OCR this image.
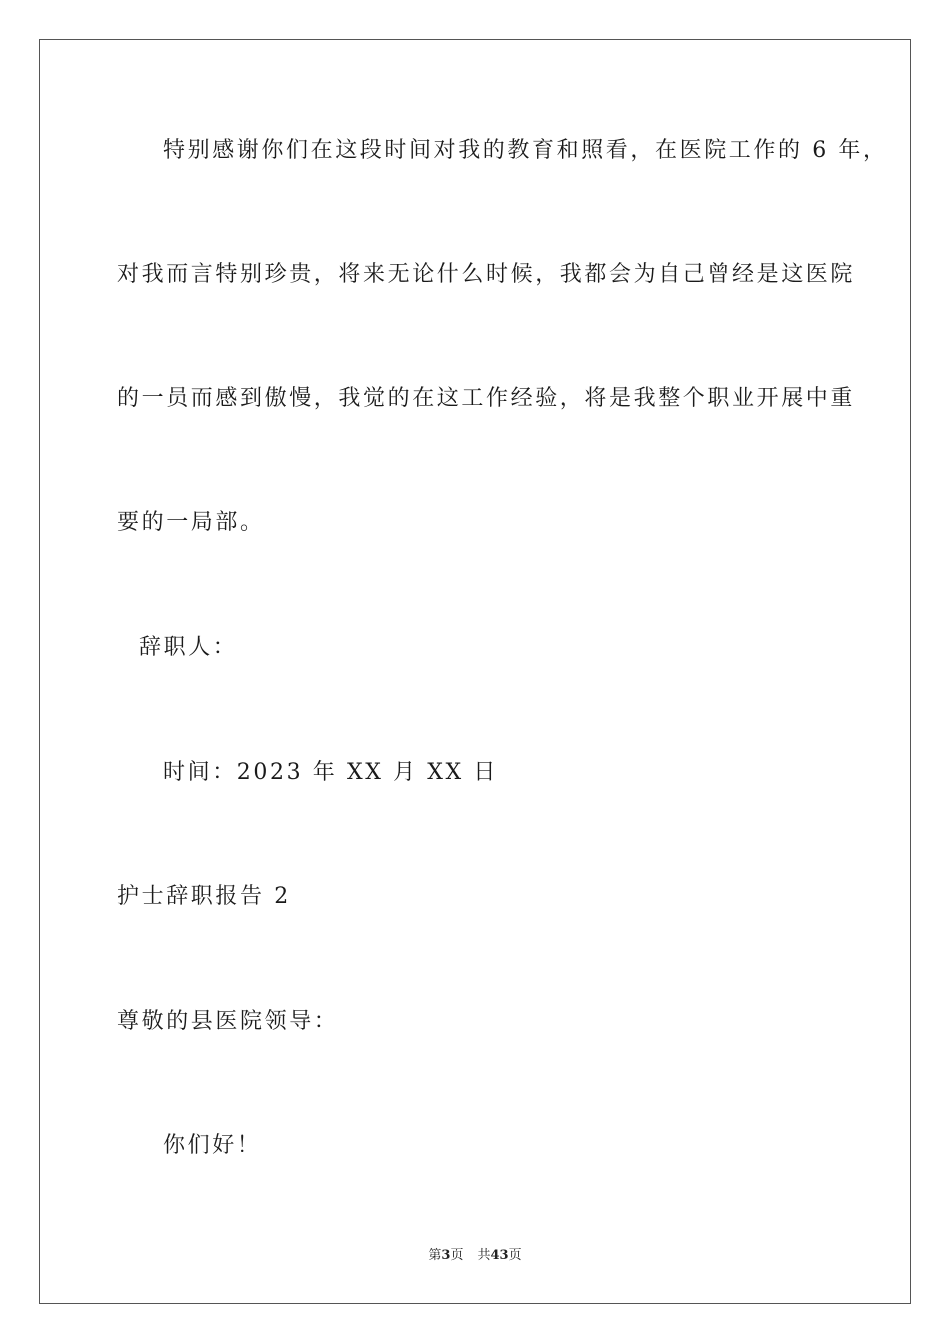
特别感谢你们在这段时间对我的教育和照看，在医院工作的 6 年，
对我而言特别珍贵，将来无论什么时候，我都会为自己曾经是这医院
的一员而感到傲慢，我觉的在这工作经验，将是我整个职业开展中重
要的一局部。
辞职人：
时间：2023 年 XX 月 XX 日
护士辞职报告 2
尊敬的县医院领导：
你们好！
第3页 共43页
